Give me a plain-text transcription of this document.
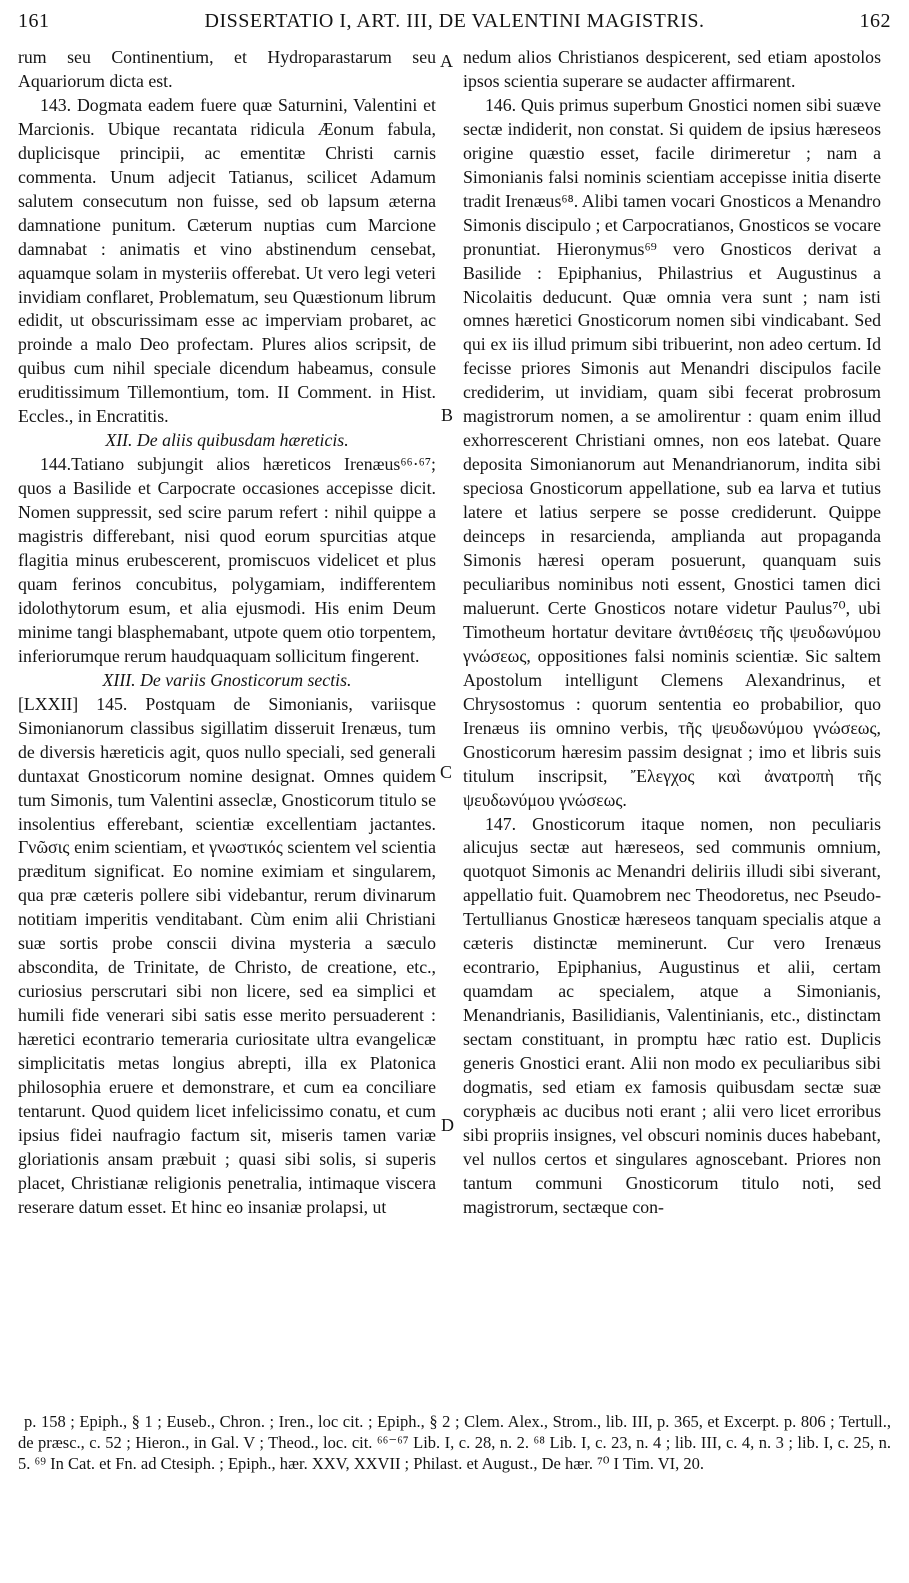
161	DISSERTATIO I, ART. III, DE VALENTINI MAGISTRIS.	162

rum seu Continentium, et Hydroparastarum seu Aquariorum dicta est.

143. Dogmata eadem fuere quæ Saturnini, Valentini et Marcionis. Ubique recantata ridicula Æonum fabula, duplicisque principii, ac ementitæ Christi carnis commenta. Unum adjecit Tatianus, scilicet Adamum salutem consecutum non fuisse, sed ob lapsum æterna damnatione punitum. Cæterum nuptias cum Marcione damnabat : animatis et vino abstinendum censebat, aquamque solam in mysteriis offerebat. Ut vero legi veteri invidiam conflaret, Problematum, seu Quæstionum librum edidit, ut obscurissimam esse ac imperviam probaret, ac proinde a malo Deo profectam. Plures alios scripsit, de quibus cum nihil speciale dicendum habeamus, consule eruditissimum Tillemontium, tom. II Comment. in Hist. Eccles., in Encratitis.

XII. De aliis quibusdam hæreticis.

144.Tatiano subjungit alios hæreticos Irenæus⁶⁶·⁶⁷; quos a Basilide et Carpocrate occasiones accepisse dicit. Nomen suppressit, sed scire parum refert : nihil quippe a magistris differebant, nisi quod eorum spurcitias atque flagitia minus erubescerent, promiscuos videlicet et plus quam ferinos concubitus, polygamiam, indifferentem idolothytorum esum, et alia ejusmodi. His enim Deum minime tangi blasphemabant, utpote quem otio torpentem, inferiorumque rerum haudquaquam sollicitum fingerent.

XIII. De variis Gnosticorum sectis.

[LXXII] 145. Postquam de Simonianis, variisque Simonianorum classibus sigillatim disseruit Irenæus, tum de diversis hæreticis agit, quos nullo speciali, sed generali duntaxat Gnosticorum nomine designat. Omnes quidem tum Simonis, tum Valentini asseclæ, Gnosticorum titulo se insolentius efferebant, scientiæ excellentiam jactantes. Γνῶσις enim scientiam, et γνωστικός scientem vel scientia præditum significat. Eo nomine eximiam et singularem, qua præ cæteris pollere sibi videbantur, rerum divinarum notitiam imperitis venditabant. Cùm enim alii Christiani suæ sortis probe conscii divina mysteria a sæculo abscondita, de Trinitate, de Christo, de creatione, etc., curiosius perscrutari sibi non licere, sed ea simplici et humili fide venerari sibi satis esse merito persuaderent : hæretici econtrario temeraria curiositate ultra evangelicæ simplicitatis metas longius abrepti, illa ex Platonica philosophia eruere et demonstrare, et cum ea conciliare tentarunt. Quod quidem licet infelicissimo conatu, et cum ipsius fidei naufragio factum sit, miseris tamen variæ gloriationis ansam præbuit ; quasi sibi solis, si superis placet, Christianæ religionis penetralia, intimaque viscera reserare datum esset. Et hinc eo insaniæ prolapsi, ut

A
B
C
D

nedum alios Christianos despicerent, sed etiam apostolos ipsos scientia superare se audacter affirmarent.

146. Quis primus superbum Gnostici nomen sibi suæve sectæ indiderit, non constat. Si quidem de ipsius hæreseos origine quæstio esset, facile dirimeretur ; nam a Simonianis falsi nominis scientiam accepisse initia diserte tradit Irenæus⁶⁸. Alibi tamen vocari Gnosticos a Menandro Simonis discipulo ; et Carpocratianos, Gnosticos se vocare pronuntiat. Hieronymus⁶⁹ vero Gnosticos derivat a Basilide : Epiphanius, Philastrius et Augustinus a Nicolaitis deducunt. Quæ omnia vera sunt ; nam isti omnes hæretici Gnosticorum nomen sibi vindicabant. Sed qui ex iis illud primum sibi tribuerint, non adeo certum. Id fecisse priores Simonis aut Menandri discipulos facile crediderim, ut invidiam, quam sibi fecerat probrosum magistrorum nomen, a se amolirentur : quam enim illud exhorrescerent Christiani omnes, non eos latebat. Quare deposita Simonianorum aut Menandrianorum, indita sibi speciosa Gnosticorum appellatione, sub ea larva et tutius latere et latius serpere se posse crediderunt. Quippe deinceps in resarcienda, amplianda aut propaganda Simonis hæresi operam posuerunt, quanquam suis peculiaribus nominibus noti essent, Gnostici tamen dici maluerunt. Certe Gnosticos notare videtur Paulus⁷⁰, ubi Timotheum hortatur devitare ἀντιθέσεις τῆς ψευδωνύμου γνώσεως, oppositiones falsi nominis scientiæ. Sic saltem Apostolum intelligunt Clemens Alexandrinus, et Chrysostomus : quorum sententia eo probabilior, quo Irenæus iis omnino verbis, τῆς ψευδωνύμου γνώσεως, Gnosticorum hæresim passim designat ; imo et libris suis titulum inscripsit, Ἔλεγχος καὶ ἀνατροπὴ τῆς ψευδωνύμου γνώσεως.

147. Gnosticorum itaque nomen, non peculiaris alicujus sectæ aut hæreseos, sed communis omnium, quotquot Simonis ac Menandri deliriis illudi sibi siverant, appellatio fuit. Quamobrem nec Theodoretus, nec Pseudo-Tertullianus Gnosticæ hæreseos tanquam specialis atque a cæteris distinctæ meminerunt. Cur vero Irenæus econtrario, Epiphanius, Augustinus et alii, certam quamdam ac specialem, atque a Simonianis, Menandrianis, Basilidianis, Valentinianis, etc., distinctam sectam constituant, in promptu hæc ratio est. Duplicis generis Gnostici erant. Alii non modo ex peculiaribus sibi dogmatis, sed etiam ex famosis quibusdam sectæ suæ coryphæis ac ducibus noti erant ; alii vero licet erroribus sibi propriis insignes, vel obscuri nominis duces habebant, vel nullos certos et singulares agnoscebant. Priores non tantum communi Gnosticorum titulo noti, sed magistrorum, sectæque con-

p. 158 ; Epiph., § 1 ; Euseb., Chron. ; Iren., loc cit. ; Epiph., § 2 ; Clem. Alex., Strom., lib. III, p. 365, et Excerpt. p. 806 ; Tertull., de præsc., c. 52 ; Hieron., in Gal. V ; Theod., loc. cit. ⁶⁶⁻⁶⁷ Lib. I, c. 28, n. 2. ⁶⁸ Lib. I, c. 23, n. 4 ; lib. III, c. 4, n. 3 ; lib. I, c. 25, n. 5. ⁶⁹ In Cat. et Fn. ad Ctesiph. ; Epiph., hær. XXV, XXVII ; Philast. et August., De hær. ⁷⁰ I Tim. VI, 20.
